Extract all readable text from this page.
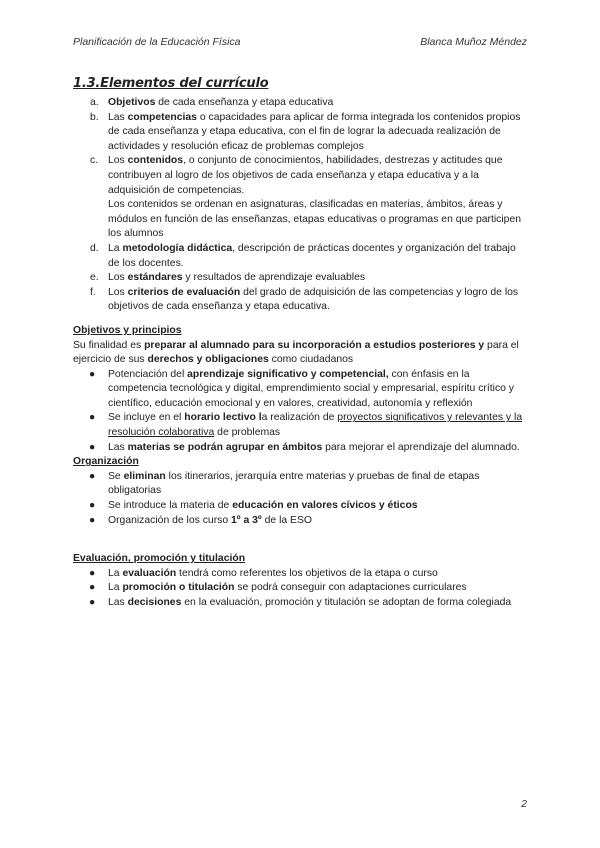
Planificación de la Educación Física	Blanca Muñoz Méndez
1.3.Elementos del currículo
a. Objetivos de cada enseñanza y etapa educativa
b. Las competencias o capacidades para aplicar de forma integrada los contenidos propios de cada enseñanza y etapa educativa, con el fin de lograr la adecuada realización de actividades y resolución eficaz de problemas complejos
c. Los contenidos, o conjunto de conocimientos, habilidades, destrezas y actitudes que contribuyen al logro de los objetivos de cada enseñanza y etapa educativa y a la adquisición de competencias.
Los contenidos se ordenan en asignaturas, clasificadas en materias, ámbitos, áreas y módulos en función de las enseñanzas, etapas educativas o programas en que participen los alumnos
d. La metodología didáctica, descripción de prácticas docentes y organización del trabajo de los docentes.
e. Los estándares y resultados de aprendizaje evaluables
f. Los criterios de evaluación del grado de adquisición de las competencias y logro de los objetivos de cada enseñanza y etapa educativa.

Objetivos y principios

Su finalidad es preparar al alumnado para su incorporación a estudios posteriores y para el ejercicio de sus derechos y obligaciones como ciudadanos

● Potenciación del aprendizaje significativo y competencial, con énfasis en la competencia tecnológica y digital, emprendimiento social y empresarial, espíritu crítico y científico, educación emocional y en valores, creatividad, autonomía y reflexión
● Se incluye en el horario lectivo la realización de proyectos significativos y relevantes y la resolución colaborativa de problemas
● Las materias se podrán agrupar en ámbitos para mejorar el aprendizaje del alumnado.

Organización

● Se eliminan los itinerarios, jerarquía entre materias y pruebas de final de etapas obligatorias
● Se introduce la materia de educación en valores cívicos y éticos
● Organización de los curso 1º a 3º de la ESO

Evaluación, promoción y titulación

● La evaluación tendrá como referentes los objetivos de la etapa o curso
● La promoción o titulación se podrá conseguir con adaptaciones curriculares
● Las decisiones en la evaluación, promoción y titulación se adoptan de forma colegiada
2
